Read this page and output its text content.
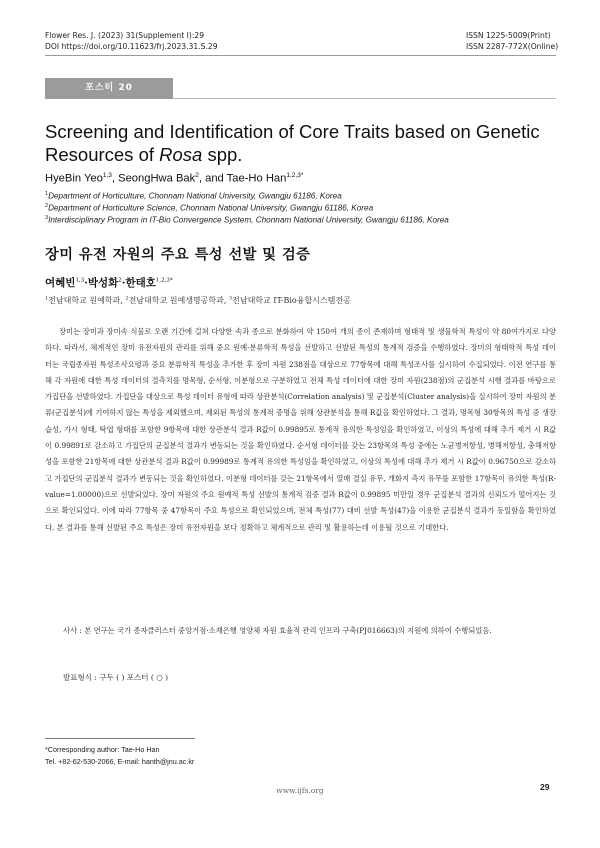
Flower Res. J. (2023) 31(Supplement I):29
DOI https://doi.org/10.11623/frj.2023.31.S.29
ISSN 1225-5009(Print)
ISSN 2287-772X(Online)
포스터 20
Screening and Identification of Core Traits based on Genetic Resources of Rosa spp.
HyeBin Yeo$^{1,3}$, SeongHwa Bak$^2$, and Tae-Ho Han$^{1,2,3*}$
$^1$Department of Horticulture, Chonnam National University, Gwangju 61186, Korea
$^2$Department of Horticulture Science, Chonnam National University, Gwangju 61186, Korea
$^3$Interdisciplinary Program in IT-Bio Convergence System, Chonnam National University, Gwangju 61186, Korea
장미 유전 자원의 주요 특성 선발 및 검증
여혜빈$^{1,3}$·박성화$^2$·한태호$^{1,2,3*}$
$^1$전남대학교 원예학과, $^2$전남대학교 원예생명공학과, $^3$전남대학교 IT-Bio융합시스템전공
장미는 장미과 장미속 식물로 오랜 기간에 걸쳐 다양한 속과 종으로 분화하여 약 150여 개의 종이 존재하며 형태적 및 생물학적 특성이 약 80여가지로 다양하다. 따라서, 체계적인 장미 유전자원의 관리를 위해 중요 원예·분류학적 특성을 선발하고 선발된 특성의 통계적 검증을 수행하였다. 장미의 형태학적 특성 데이터는 국립종자원 특성조사요령과 중요 분류학적 특성을 추가한 후 장미 자원 238점을 대상으로 77항목에 대해 특성조사를 실시하여 수집되었다. 이전 연구를 통해 각 자원에 대한 특성 데이터의 결측치를 명목형, 순서형, 이분형으로 구분하였고 전체 특성 데이터에 대한 장미 자원(238점)의 군집분석 시행 결과를 바탕으로 가집단을 선발하였다. 가집단을 대상으로 특성 데이터 유형에 따라 상관분석(Correlation analysis) 및 군집분석(Cluster analysis)을 실시하여 장미 자원의 분류(군집분석)에 기여하지 않는 특성을 제외했으며, 제외된 특성의 통계적 증명을 위해 상관분석을 통해 R값을 확인하였다. 그 결과, 명목형 30항목의 특성 중 생장 습성, 가시 형태, 탁엽 형태를 포함한 9항목에 대한 상관분석 결과 R값이 0.99895로 통계적 유의한 특성임을 확인하였고, 이상의 특성에 대해 추가 제거 시 R값이 0.99891로 감소하고 가집단의 군집분석 결과가 변동되는 것을 확인하였다. 순서형 데이터를 갖는 23항목의 특성 중에는 노균병저항성, 병해저항성, 충해저항성을 포함한 21항목에 대한 상관분석 결과 R값이 0.99989로 통계적 유의한 특성임을 확인하였고, 이상의 특성에 대해 추가 제거 시 R값이 0.96750으로 감소하고 가집단의 군집분석 결과가 변동되는 것을 확인하였다. 이분형 데이터를 갖는 21항목에서 열매 결실 유무, 개화지 측지 유무를 포함한 17항목이 유의한 특성(R-value=1.00000)으로 선발되었다. 장미 자원의 주요 원예적 특성 선발의 통계적 검증 결과 R값이 0.99895 미만일 경우 군집분석 결과의 신뢰도가 떨어지는 것으로 확인되었다. 이에 따라 77항목 중 47항목이 주요 특성으로 확인되었으며, 전체 특성(77) 대비 선발 특성(47)을 이용한 군집분석 결과가 동일함을 확인하였다. 본 결과를 통해 선발된 주요 특성은 장미 유전자원을 보다 정확하고 체계적으로 관리 및 활용하는데 이용될 것으로 기대한다.
사사 : 본 연구는 국가 종자클러스터 중앙거점·소재은행 영양체 자원 효율적 관리 인프라 구축(PJ016663)의 지원에 의하여 수행되었음.
발표형식 : 구두 ( ) 포스터 ( ○ )
*Corresponding author: Tae-Ho Han
Tel. +82-62-530-2066, E-mail: hanth@jnu.ac.kr
www.ijfs.org	29
